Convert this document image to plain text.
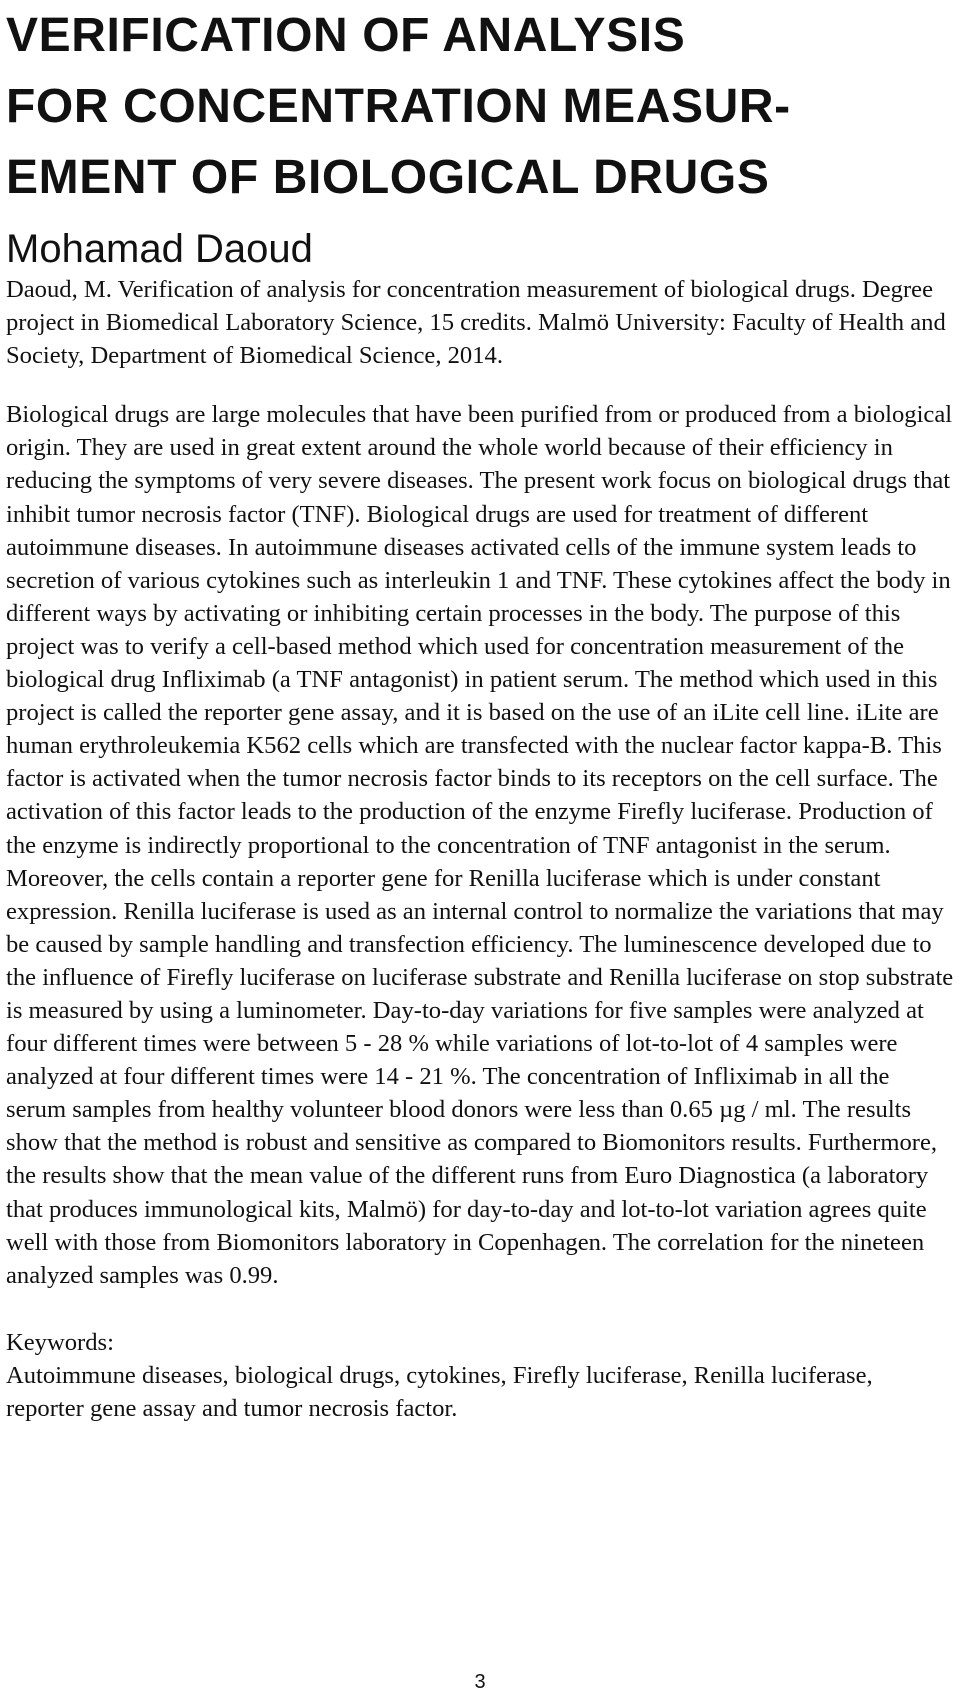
VERIFICATION OF ANALYSIS
FOR CONCENTRATION MEASUR-
EMENT OF BIOLOGICAL DRUGS
Mohamad Daoud

Daoud, M. Verification of analysis for concentration measurement of biological drugs. Degree project in Biomedical Laboratory Science, 15 credits. Malmö University: Faculty of Health and Society, Department of Biomedical Science, 2014.

Biological drugs are large molecules that have been purified from or produced from a biological origin. They are used in great extent around the whole world because of their efficiency in reducing the symptoms of very severe diseases. The present work focus on biological drugs that inhibit tumor necrosis factor (TNF). Biological drugs are used for treatment of different autoimmune diseases. In autoimmune diseases activated cells of the immune system leads to secretion of various cytokines such as interleukin 1 and TNF. These cytokines affect the body in different ways by activating or inhibiting certain processes in the body. The purpose of this project was to verify a cell-based method which used for concentration measurement of the biological drug Infliximab (a TNF antagonist) in patient serum. The method which used in this project is called the reporter gene assay, and it is based on the use of an iLite cell line. iLite are human erythroleukemia K562 cells which are transfected with the nuclear factor kappa-B. This factor is activated when the tumor necrosis factor binds to its receptors on the cell surface. The activation of this factor leads to the production of the enzyme Firefly luciferase. Production of the enzyme is indirectly proportional to the concentration of TNF antagonist in the serum. Moreover, the cells contain a reporter gene for Renilla luciferase which is under constant expression. Renilla luciferase is used as an internal control to normalize the variations that may be caused by sample handling and transfection efficiency. The luminescence developed due to the influence of Firefly luciferase on luciferase substrate and Renilla luciferase on stop substrate is measured by using a luminometer. Day-to-day variations for five samples were analyzed at four different times were between 5 - 28 % while variations of lot-to-lot of 4 samples were analyzed at four different times were 14 - 21 %. The concentration of Infliximab in all the serum samples from healthy volunteer blood donors were less than 0.65 µg / ml. The results show that the method is robust and sensitive as compared to Biomonitors results. Furthermore, the results show that the mean value of the different runs from Euro Diagnostica (a laboratory that produces immunological kits, Malmö) for day-to-day and lot-to-lot variation agrees quite well with those from Biomonitors laboratory in Copenhagen. The correlation for the nineteen analyzed samples was 0.99.

Keywords:

Autoimmune diseases, biological drugs, cytokines, Firefly luciferase, Renilla luciferase, reporter gene assay and tumor necrosis factor.

3
